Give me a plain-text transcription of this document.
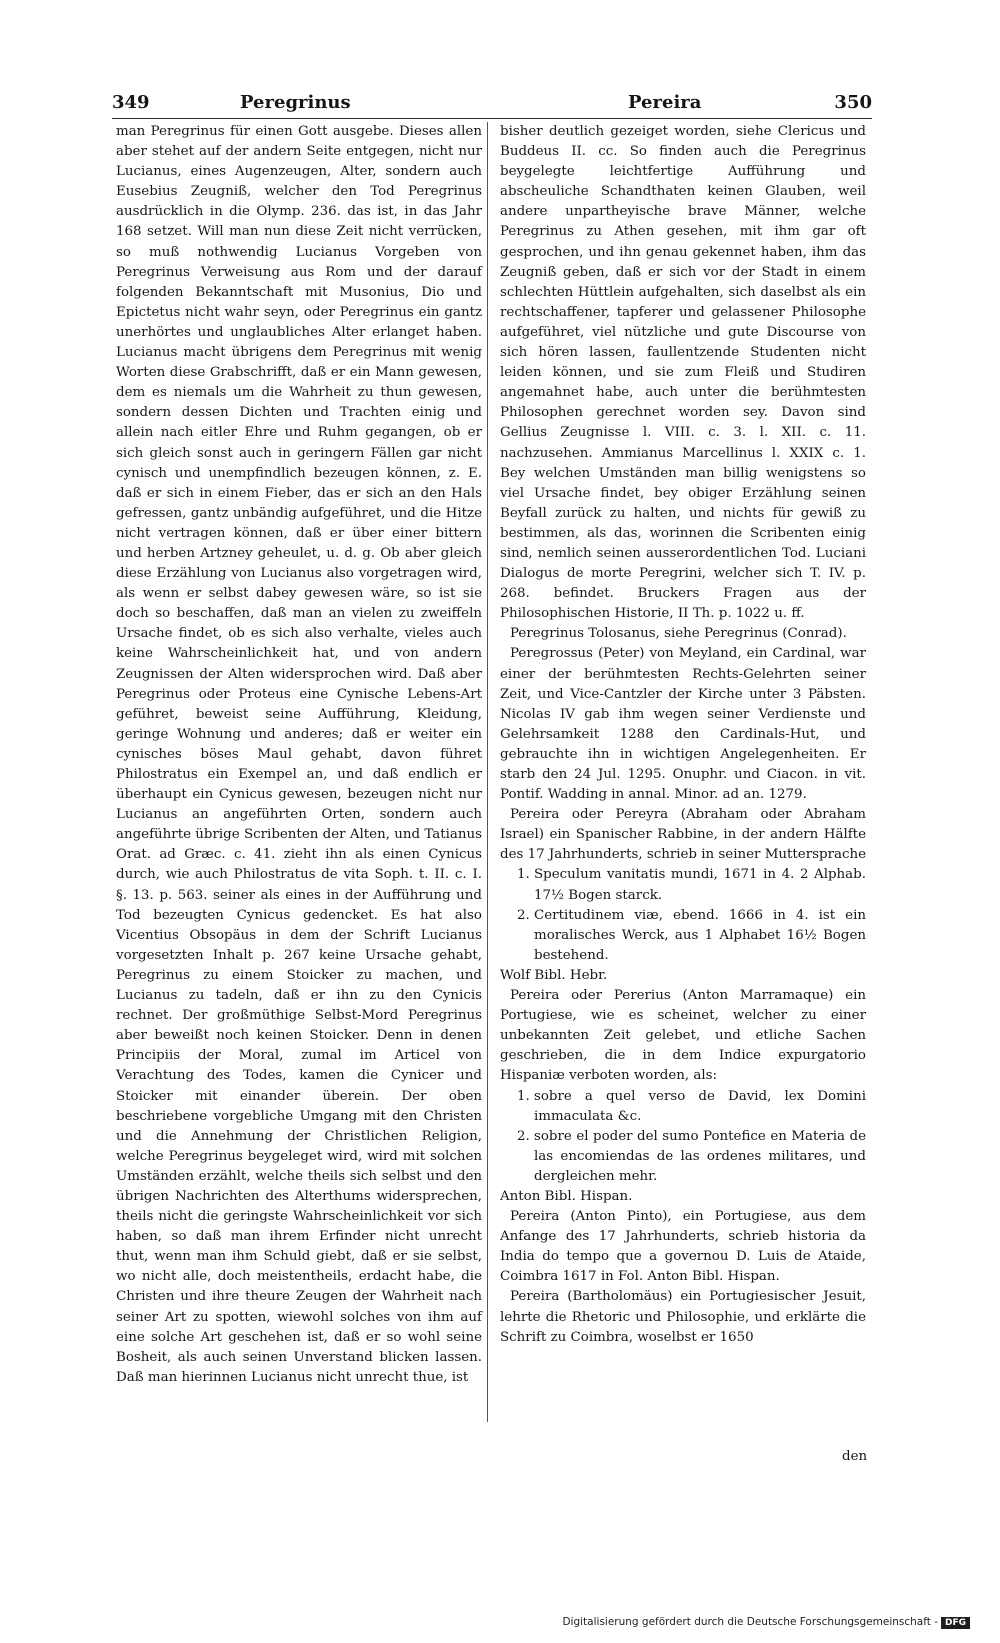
349	Peregrinus	Pereira	350

man Peregrinus für einen Gott ausgebe. Dieses allen aber stehet auf der andern Seite entgegen, nicht nur Lucianus, eines Augenzeugen, Alter, sondern auch Eusebius Zeugniß, welcher den Tod Peregrinus ausdrücklich in die Olymp. 236. das ist, in das Jahr 168 setzet. Will man nun diese Zeit nicht verrücken, so muß nothwendig Lucianus Vorgeben von Peregrinus Verweisung aus Rom und der darauf folgenden Bekanntschaft mit Musonius, Dio und Epictetus nicht wahr seyn, oder Peregrinus ein gantz unerhörtes und unglaubliches Alter erlanget haben. Lucianus macht übrigens dem Peregrinus mit wenig Worten diese Grabschrifft, daß er ein Mann gewesen, dem es niemals um die Wahrheit zu thun gewesen, sondern dessen Dichten und Trachten einig und allein nach eitler Ehre und Ruhm gegangen, ob er sich gleich sonst auch in geringern Fällen gar nicht cynisch und unempfindlich bezeugen können, z. E. daß er sich in einem Fieber, das er sich an den Hals gefressen, gantz unbändig aufgeführet, und die Hitze nicht vertragen können, daß er über einer bittern und herben Artzney geheulet, u. d. g. Ob aber gleich diese Erzählung von Lucianus also vorgetragen wird, als wenn er selbst dabey gewesen wäre, so ist sie doch so beschaffen, daß man an vielen zu zweiffeln Ursache findet, ob es sich also verhalte, vieles auch keine Wahrscheinlichkeit hat, und von andern Zeugnissen der Alten widersprochen wird. Daß aber Peregrinus oder Proteus eine Cynische Lebens-Art geführet, beweist seine Aufführung, Kleidung, geringe Wohnung und anderes; daß er weiter ein cynisches böses Maul gehabt, davon führet Philostratus ein Exempel an, und daß endlich er überhaupt ein Cynicus gewesen, bezeugen nicht nur Lucianus an angeführten Orten, sondern auch angeführte übrige Scribenten der Alten, und Tatianus Orat. ad Græc. c. 41. zieht ihn als einen Cynicus durch, wie auch Philostratus de vita Soph. t. II. c. I. §. 13. p. 563. seiner als eines in der Aufführung und Tod bezeugten Cynicus gedencket. Es hat also Vicentius Obsopäus in dem der Schrift Lucianus vorgesetzten Inhalt p. 267 keine Ursache gehabt, Peregrinus zu einem Stoicker zu machen, und Lucianus zu tadeln, daß er ihn zu den Cynicis rechnet. Der großmüthige Selbst-Mord Peregrinus aber beweißt noch keinen Stoicker. Denn in denen Principiis der Moral, zumal im Articel von Verachtung des Todes, kamen die Cynicer und Stoicker mit einander überein. Der oben beschriebene vorgebliche Umgang mit den Christen und die Annehmung der Christlichen Religion, welche Peregrinus beygeleget wird, wird mit solchen Umständen erzählt, welche theils sich selbst und den übrigen Nachrichten des Alterthums widersprechen, theils nicht die geringste Wahrscheinlichkeit vor sich haben, so daß man ihrem Erfinder nicht unrecht thut, wenn man ihm Schuld giebt, daß er sie selbst, wo nicht alle, doch meistentheils, erdacht habe, die Christen und ihre theure Zeugen der Wahrheit nach seiner Art zu spotten, wiewohl solches von ihm auf eine solche Art geschehen ist, daß er so wohl seine Bosheit, als auch seinen Unverstand blicken lassen. Daß man hierinnen Lucianus nicht unrecht thue, ist

bisher deutlich gezeiget worden, siehe Clericus und Buddeus II. cc. So finden auch die Peregrinus beygelegte leichtfertige Aufführung und abscheuliche Schandthaten keinen Glauben, weil andere unpartheyische brave Männer, welche Peregrinus zu Athen gesehen, mit ihm gar oft gesprochen, und ihn genau gekennet haben, ihm das Zeugniß geben, daß er sich vor der Stadt in einem schlechten Hüttlein aufgehalten, sich daselbst als ein rechtschaffener, tapferer und gelassener Philosophe aufgeführet, viel nützliche und gute Discourse von sich hören lassen, faullentzende Studenten nicht leiden können, und sie zum Fleiß und Studiren angemahnet habe, auch unter die berühmtesten Philosophen gerechnet worden sey. Davon sind Gellius Zeugnisse l. VIII. c. 3. l. XII. c. 11. nachzusehen. Ammianus Marcellinus l. XXIX c. 1. Bey welchen Umständen man billig wenigstens so viel Ursache findet, bey obiger Erzählung seinen Beyfall zurück zu halten, und nichts für gewiß zu bestimmen, als das, worinnen die Scribenten einig sind, nemlich seinen ausserordentlichen Tod. Luciani Dialogus de morte Peregrini, welcher sich T. IV. p. 268. befindet. Bruckers Fragen aus der Philosophischen Historie, II Th. p. 1022 u. ff.

Peregrinus Tolosanus, siehe Peregrinus (Conrad).

Peregrossus (Peter) von Meyland, ein Cardinal, war einer der berühmtesten Rechts-Gelehrten seiner Zeit, und Vice-Cantzler der Kirche unter 3 Päbsten. Nicolas IV gab ihm wegen seiner Verdienste und Gelehrsamkeit 1288 den Cardinals-Hut, und gebrauchte ihn in wichtigen Angelegenheiten. Er starb den 24 Jul. 1295. Onuphr. und Ciacon. in vit. Pontif. Wadding in annal. Minor. ad an. 1279.

Pereira oder Pereyra (Abraham oder Abraham Israel) ein Spanischer Rabbine, in der andern Hälfte des 17 Jahrhunderts, schrieb in seiner Muttersprache

1. Speculum vanitatis mundi, 1671 in 4. 2 Alphab. 17½ Bogen starck.
2. Certitudinem viæ, ebend. 1666 in 4. ist ein moralisches Werck, aus 1 Alphabet 16½ Bogen bestehend.

Wolf Bibl. Hebr.

Pereira oder Pererius (Anton Marramaque) ein Portugiese, wie es scheinet, welcher zu einer unbekannten Zeit gelebet, und etliche Sachen geschrieben, die in dem Indice expurgatorio Hispaniæ verboten worden, als:

1. sobre a quel verso de David, lex Domini immaculata &c.
2. sobre el poder del sumo Pontefice en Materia de las encomiendas de las ordenes militares, und dergleichen mehr.

Anton Bibl. Hispan.

Pereira (Anton Pinto), ein Portugiese, aus dem Anfange des 17 Jahrhunderts, schrieb historia da India do tempo que a governou D. Luis de Ataide, Coimbra 1617 in Fol. Anton Bibl. Hispan.

Pereira (Bartholomäus) ein Portugiesischer Jesuit, lehrte die Rhetoric und Philosophie, und erklärte die Schrift zu Coimbra, woselbst er 1650

den
Digitalisierung gefördert durch die Deutsche Forschungsgemeinschaft - DFG
